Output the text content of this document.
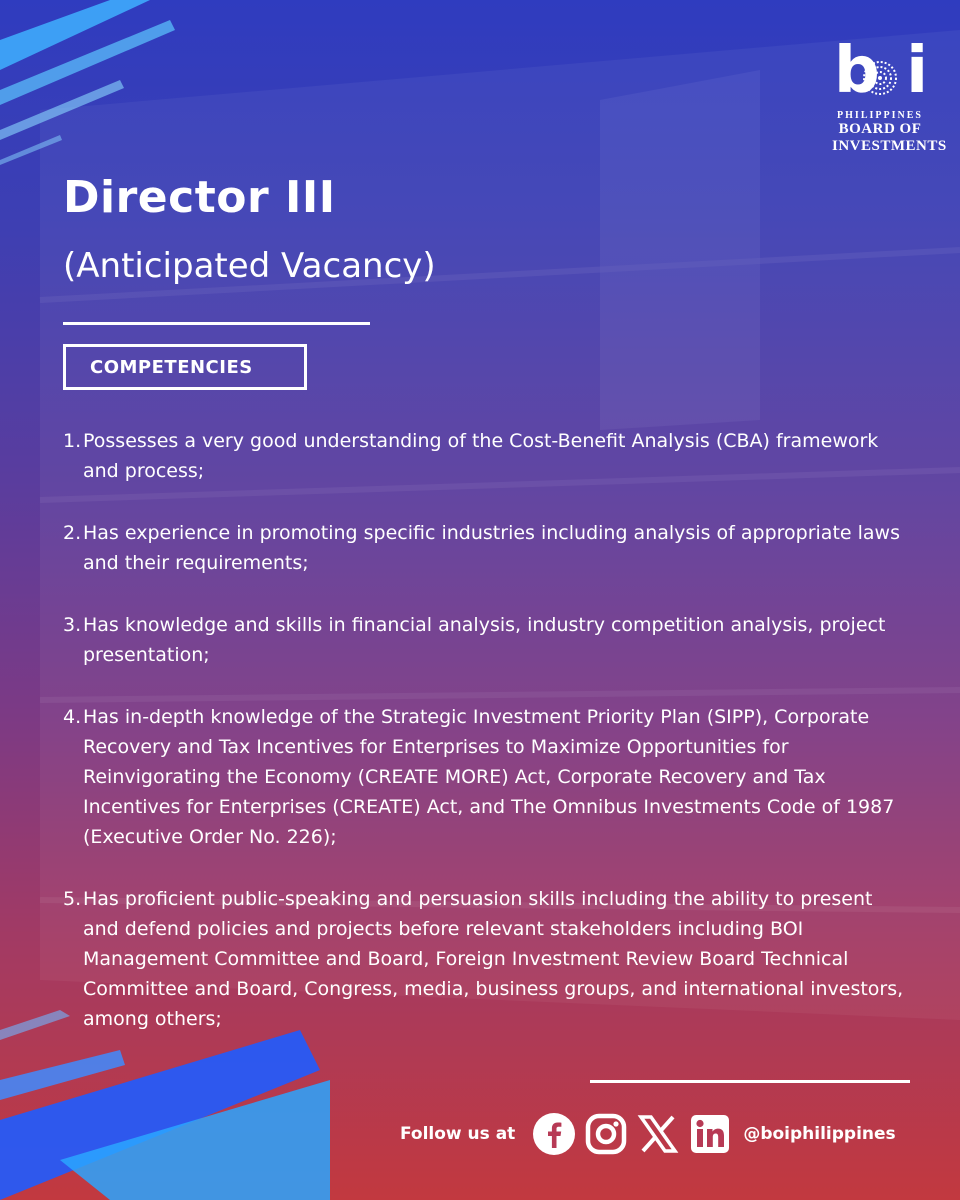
b i
PHILIPPINES
BOARD OF
INVESTMENTS
Director III
(Anticipated Vacancy)
COMPETENCIES
1. Possesses a very good understanding of the Cost-Benefit Analysis (CBA) framework and process;
2. Has experience in promoting specific industries including analysis of appropriate laws and their requirements;
3. Has knowledge and skills in financial analysis, industry competition analysis, project presentation;
4. Has in-depth knowledge of the Strategic Investment Priority Plan (SIPP), Corporate Recovery and Tax Incentives for Enterprises to Maximize Opportunities for Reinvigorating the Economy (CREATE MORE) Act, Corporate Recovery and Tax Incentives for Enterprises (CREATE) Act, and The Omnibus Investments Code of 1987 (Executive Order No. 226);
5. Has proficient public-speaking and persuasion skills including the ability to present and defend policies and projects before relevant stakeholders including BOI Management Committee and Board, Foreign Investment Review Board Technical Committee and Board, Congress, media, business groups, and international investors, among others;
Follow us at	@boiphilippines
